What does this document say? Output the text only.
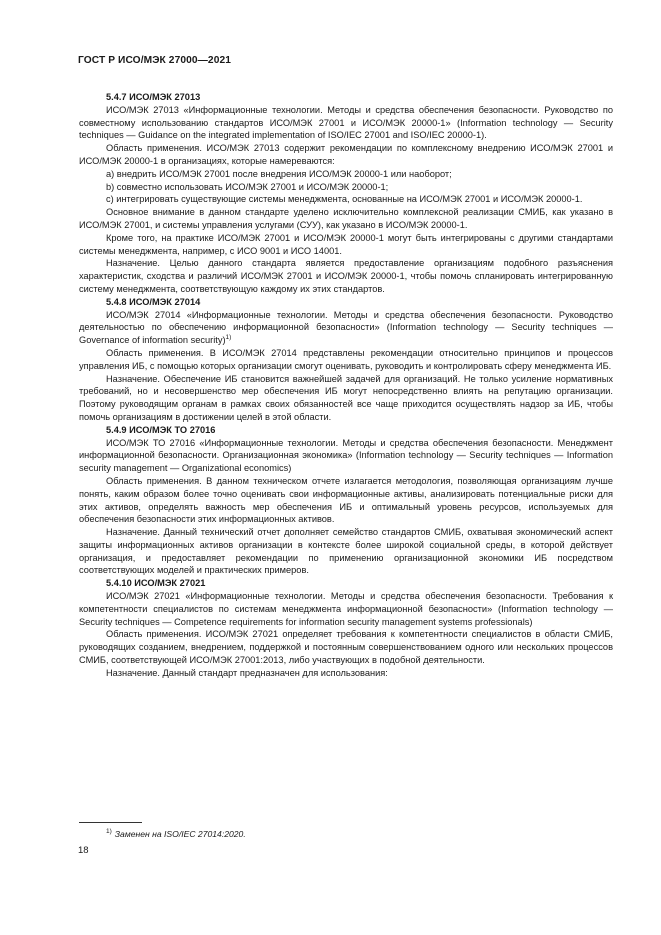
ГОСТ Р ИСО/МЭК 27000—2021

5.4.7 ИСО/МЭК 27013

ИСО/МЭК 27013 «Информационные технологии. Методы и средства обеспечения безопасности. Руководство по совместному использованию стандартов ИСО/МЭК 27001 и ИСО/МЭК 20000-1» (Information technology — Security techniques — Guidance on the integrated implementation of ISO/IEC 27001 and ISO/IEC 20000-1).

Область применения. ИСО/МЭК 27013 содержит рекомендации по комплексному внедрению ИСО/МЭК 27001 и ИСО/МЭК 20000-1 в организациях, которые намереваются:

a) внедрить ИСО/МЭК 27001 после внедрения ИСО/МЭК 20000-1 или наоборот;

b) совместно использовать ИСО/МЭК 27001 и ИСО/МЭК 20000-1;

c) интегрировать существующие системы менеджмента, основанные на ИСО/МЭК 27001 и ИСО/МЭК 20000-1.

Основное внимание в данном стандарте уделено исключительно комплексной реализации СМИБ, как указано в ИСО/МЭК 27001, и системы управления услугами (СУУ), как указано в ИСО/МЭК 20000-1.

Кроме того, на практике ИСО/МЭК 27001 и ИСО/МЭК 20000-1 могут быть интегрированы с другими стандартами системы менеджмента, например, с ИСО 9001 и ИСО 14001.

Назначение. Целью данного стандарта является предоставление организациям подобного разъяснения характеристик, сходства и различий ИСО/МЭК 27001 и ИСО/МЭК 20000-1, чтобы помочь спланировать интегрированную систему менеджмента, соответствующую каждому их этих стандартов.

5.4.8 ИСО/МЭК 27014

ИСО/МЭК 27014 «Информационные технологии. Методы и средства обеспечения безопасности. Руководство деятельностью по обеспечению информационной безопасности» (Information technology — Security techniques — Governance of information security)$^{1)}$

Область применения. В ИСО/МЭК 27014 представлены рекомендации относительно принципов и процессов управления ИБ, с помощью которых организации смогут оценивать, руководить и контролировать сферу менеджмента ИБ.

Назначение. Обеспечение ИБ становится важнейшей задачей для организаций. Не только усиление нормативных требований, но и несовершенство мер обеспечения ИБ могут непосредственно влиять на репутацию организации. Поэтому руководящим органам в рамках своих обязанностей все чаще приходится осуществлять надзор за ИБ, чтобы помочь организациям в достижении целей в этой области.

5.4.9 ИСО/МЭК ТО 27016

ИСО/МЭК ТО 27016 «Информационные технологии. Методы и средства обеспечения безопасности. Менеджмент информационной безопасности. Организационная экономика» (Information technology — Security techniques — Information security management — Organizational economics)

Область применения. В данном техническом отчете излагается методология, позволяющая организациям лучше понять, каким образом более точно оценивать свои информационные активы, анализировать потенциальные риски для этих активов, определять важность мер обеспечения ИБ и оптимальный уровень ресурсов, используемых для обеспечения безопасности этих информационных активов.

Назначение. Данный технический отчет дополняет семейство стандартов СМИБ, охватывая экономический аспект защиты информационных активов организации в контексте более широкой социальной среды, в которой действует организация, и предоставляет рекомендации по применению организационной экономики ИБ посредством соответствующих моделей и практических примеров.

5.4.10 ИСО/МЭК 27021

ИСО/МЭК 27021 «Информационные технологии. Методы и средства обеспечения безопасности. Требования к компетентности специалистов по системам менеджмента информационной безопасности» (Information technology — Security techniques — Competence requirements for information security management systems professionals)

Область применения. ИСО/МЭК 27021 определяет требования к компетентности специалистов в области СМИБ, руководящих созданием, внедрением, поддержкой и постоянным совершенствованием одного или нескольких процессов СМИБ, соответствующей ИСО/МЭК 27001:2013, либо участвующих в подобной деятельности.

Назначение. Данный стандарт предназначен для использования:

$^{1)}$ Заменен на ISO/IEC 27014:2020.
18
